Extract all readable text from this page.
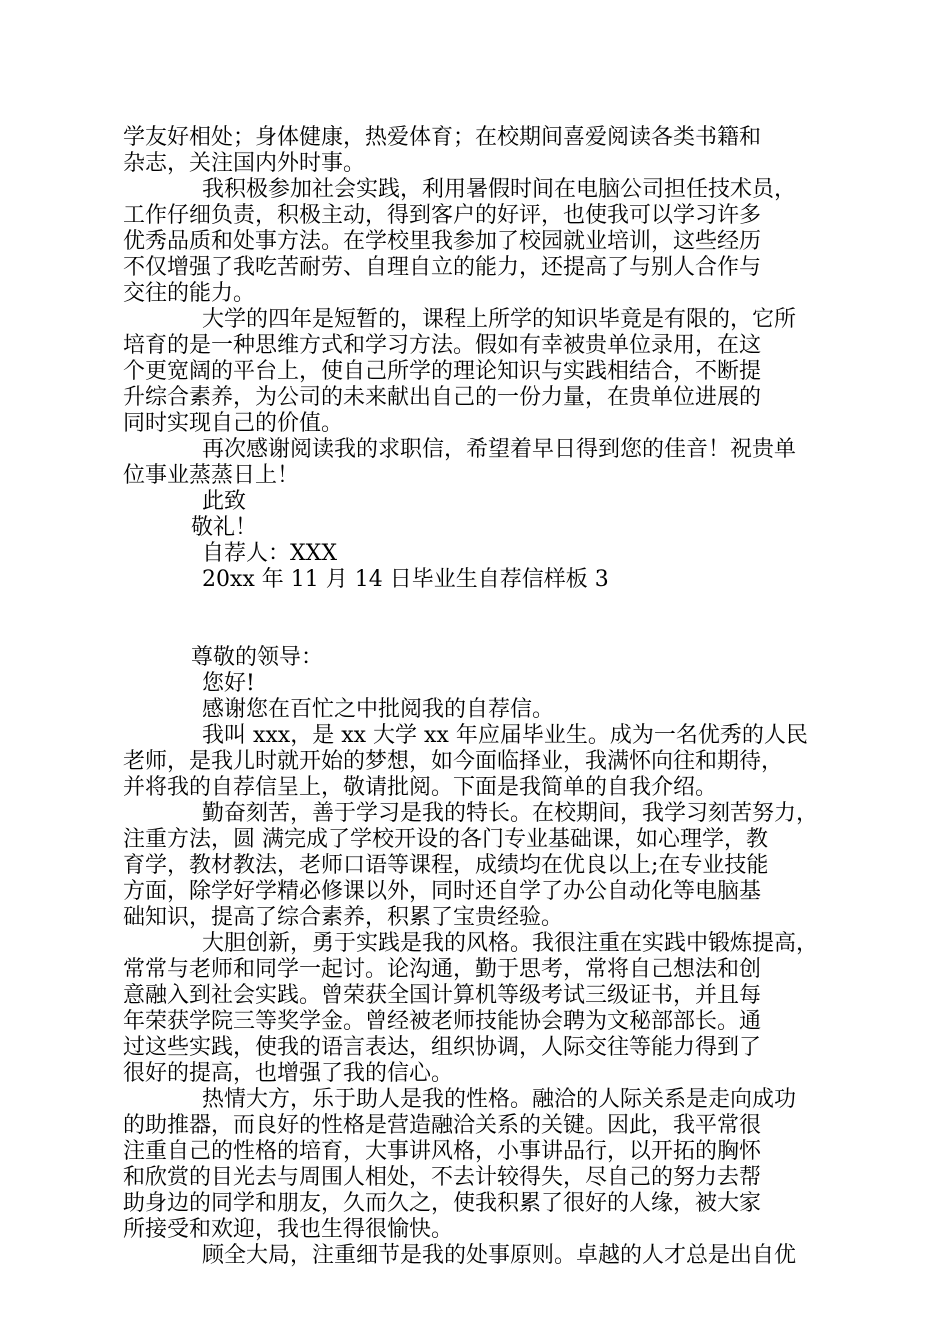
学友好相处；身体健康，热爱体育；在校期间喜爱阅读各类书籍和
杂志，关注国内外时事。
我积极参加社会实践，利用暑假时间在电脑公司担任技术员，
工作仔细负责，积极主动，得到客户的好评，也使我可以学习许多
优秀品质和处事方法。在学校里我参加了校园就业培训，这些经历
不仅增强了我吃苦耐劳、自理自立的能力，还提高了与别人合作与
交往的能力。
大学的四年是短暂的，课程上所学的知识毕竟是有限的，它所
培育的是一种思维方式和学习方法。假如有幸被贵单位录用，在这
个更宽阔的平台上，使自己所学的理论知识与实践相结合，不断提
升综合素养，为公司的未来献出自己的一份力量，在贵单位进展的
同时实现自己的价值。
再次感谢阅读我的求职信，希望着早日得到您的佳音！祝贵单
位事业蒸蒸日上！
此致
敬礼！
自荐人：XXX
20xx 年 11 月 14 日毕业生自荐信样板 3
尊敬的领导：
您好!
感谢您在百忙之中批阅我的自荐信。
我叫 xxx，是 xx 大学 xx 年应届毕业生。成为一名优秀的人民
老师，是我儿时就开始的梦想，如今面临择业，我满怀向往和期待，
并将我的自荐信呈上，敬请批阅。下面是我简单的自我介绍。
勤奋刻苦，善于学习是我的特长。在校期间，我学习刻苦努力，
注重方法，圆 满完成了学校开设的各门专业基础课，如心理学，教
育学，教材教法，老师口语等课程，成绩均在优良以上;在专业技能
方面，除学好学精必修课以外，同时还自学了办公自动化等电脑基
础知识，提高了综合素养，积累了宝贵经验。
大胆创新，勇于实践是我的风格。我很注重在实践中锻炼提高，
常常与老师和同学一起讨。论沟通，勤于思考，常将自己想法和创
意融入到社会实践。曾荣获全国计算机等级考试三级证书，并且每
年荣获学院三等奖学金。曾经被老师技能协会聘为文秘部部长。通
过这些实践，使我的语言表达，组织协调，人际交往等能力得到了
很好的提高，也增强了我的信心。
热情大方，乐于助人是我的性格。融洽的人际关系是走向成功
的助推器，而良好的性格是营造融洽关系的关键。因此，我平常很
注重自己的性格的培育，大事讲风格，小事讲品行，以开拓的胸怀
和欣赏的目光去与周围人相处，不去计较得失，尽自己的努力去帮
助身边的同学和朋友，久而久之，使我积累了很好的人缘，被大家
所接受和欢迎，我也生得很愉快。
顾全大局，注重细节是我的处事原则。卓越的人才总是出自优
